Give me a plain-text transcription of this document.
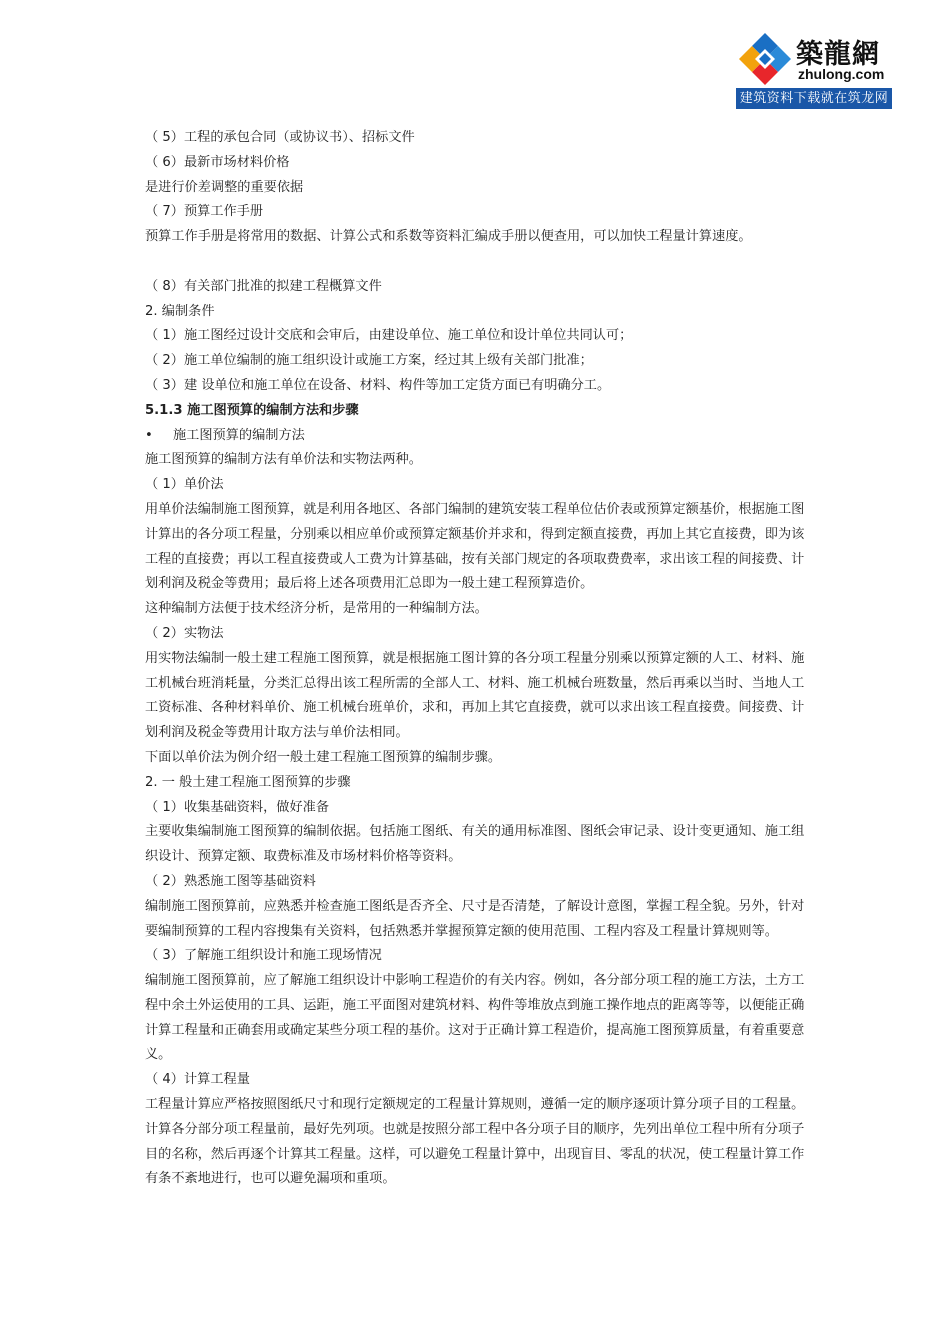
築龍網
zhulong.com
建筑资料下载就在筑龙网

（ 5）工程的承包合同（或协议书）、招标文件

（ 6）最新市场材料价格

是进行价差调整的重要依据

（ 7）预算工作手册

预算工作手册是将常用的数据、计算公式和系数等资料汇编成手册以便查用，可以加快工程量计算速度。

（ 8）有关部门批准的拟建工程概算文件

2. 编制条件

（ 1）施工图经过设计交底和会审后，由建设单位、施工单位和设计单位共同认可；

（ 2）施工单位编制的施工组织设计或施工方案，经过其上级有关部门批准；

（ 3）建 设单位和施工单位在设备、材料、构件等加工定货方面已有明确分工。

5.1.3 施工图预算的编制方法和步骤

• 施工图预算的编制方法

施工图预算的编制方法有单价法和实物法两种。

（ 1）单价法

用单价法编制施工图预算，就是利用各地区、各部门编制的建筑安装工程单位估价表或预算定额基价，根据施工图计算出的各分项工程量，分别乘以相应单价或预算定额基价并求和，得到定额直接费，再加上其它直接费，即为该工程的直接费；再以工程直接费或人工费为计算基础，按有关部门规定的各项取费费率，求出该工程的间接费、计划利润及税金等费用；最后将上述各项费用汇总即为一般土建工程预算造价。

这种编制方法便于技术经济分析，是常用的一种编制方法。

（ 2）实物法

用实物法编制一般土建工程施工图预算，就是根据施工图计算的各分项工程量分别乘以预算定额的人工、材料、施工机械台班消耗量，分类汇总得出该工程所需的全部人工、材料、施工机械台班数量，然后再乘以当时、当地人工工资标准、各种材料单价、施工机械台班单价，求和，再加上其它直接费，就可以求出该工程直接费。间接费、计划利润及税金等费用计取方法与单价法相同。

下面以单价法为例介绍一般土建工程施工图预算的编制步骤。

2. 一 般土建工程施工图预算的步骤

（ 1）收集基础资料，做好准备

主要收集编制施工图预算的编制依据。包括施工图纸、有关的通用标准图、图纸会审记录、设计变更通知、施工组织设计、预算定额、取费标准及市场材料价格等资料。

（ 2）熟悉施工图等基础资料

编制施工图预算前，应熟悉并检查施工图纸是否齐全、尺寸是否清楚，了解设计意图，掌握工程全貌。另外，针对要编制预算的工程内容搜集有关资料，包括熟悉并掌握预算定额的使用范围、工程内容及工程量计算规则等。

（ 3）了解施工组织设计和施工现场情况

编制施工图预算前，应了解施工组织设计中影响工程造价的有关内容。例如，各分部分项工程的施工方法，土方工程中余土外运使用的工具、运距，施工平面图对建筑材料、构件等堆放点到施工操作地点的距离等等，以便能正确计算工程量和正确套用或确定某些分项工程的基价。这对于正确计算工程造价，提高施工图预算质量，有着重要意义。

（ 4）计算工程量

工程量计算应严格按照图纸尺寸和现行定额规定的工程量计算规则，遵循一定的顺序逐项计算分项子目的工程量。计算各分部分项工程量前，最好先列项。也就是按照分部工程中各分项子目的顺序，先列出单位工程中所有分项子目的名称，然后再逐个计算其工程量。这样，可以避免工程量计算中，出现盲目、零乱的状况，使工程量计算工作有条不紊地进行，也可以避免漏项和重项。
